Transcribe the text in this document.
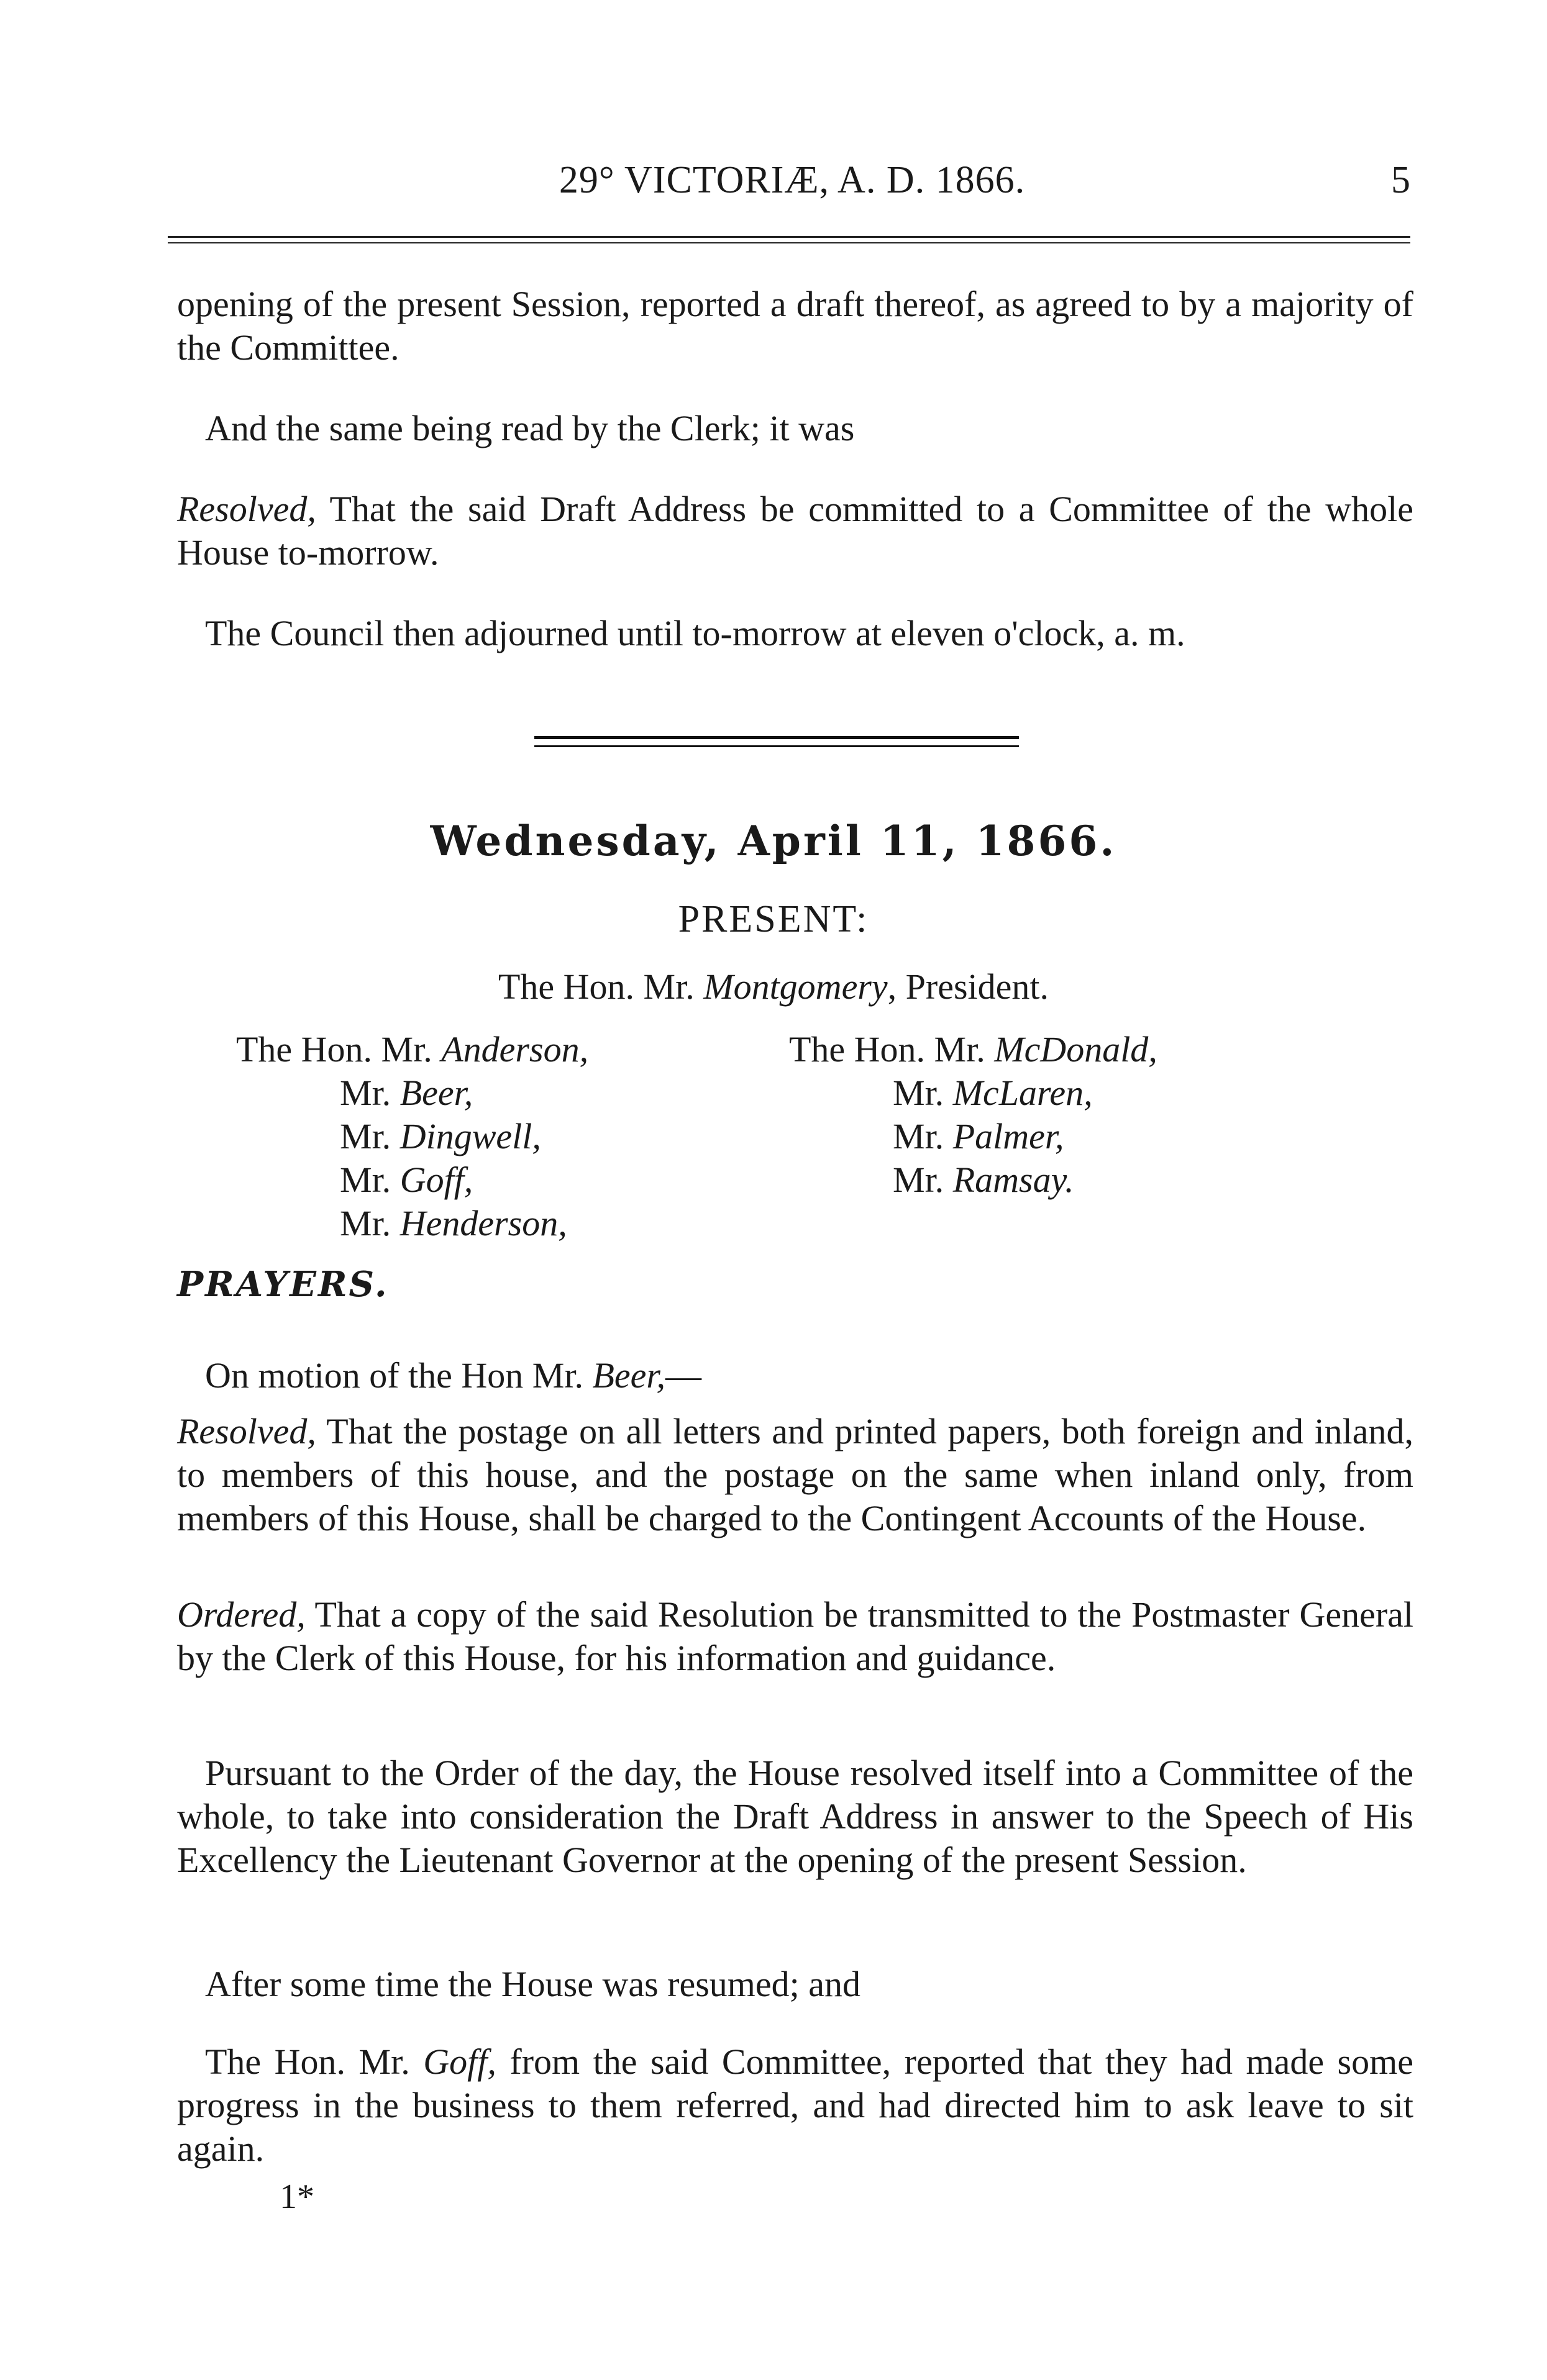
29° VICTORIÆ, A. D. 1866.	5
opening of the present Session, reported a draft thereof, as agreed to by a majority of the Committee.
And the same being read by the Clerk; it was
Resolved, That the said Draft Address be committed to a Committee of the whole House to-morrow.
The Council then adjourned until to-morrow at eleven o'clock, a. m.
Wednesday, April 11, 1866.
PRESENT:
The Hon. Mr. Montgomery, President.
The Hon. Mr. Anderson,
Mr. Beer,
Mr. Dingwell,
Mr. Goff,
Mr. Henderson,
The Hon. Mr. McDonald,
Mr. McLaren,
Mr. Palmer,
Mr. Ramsay.
PRAYERS.
On motion of the Hon Mr. Beer,—
Resolved, That the postage on all letters and printed papers, both foreign and inland, to members of this house, and the postage on the same when inland only, from members of this House, shall be charged to the Contingent Accounts of the House.
Ordered, That a copy of the said Resolution be transmitted to the Postmaster General by the Clerk of this House, for his information and guidance.
Pursuant to the Order of the day, the House resolved itself into a Committee of the whole, to take into consideration the Draft Address in answer to the Speech of His Excellency the Lieutenant Governor at the opening of the present Session.
After some time the House was resumed; and
The Hon. Mr. Goff, from the said Committee, reported that they had made some progress in the business to them referred, and had directed him to ask leave to sit again.
1*
